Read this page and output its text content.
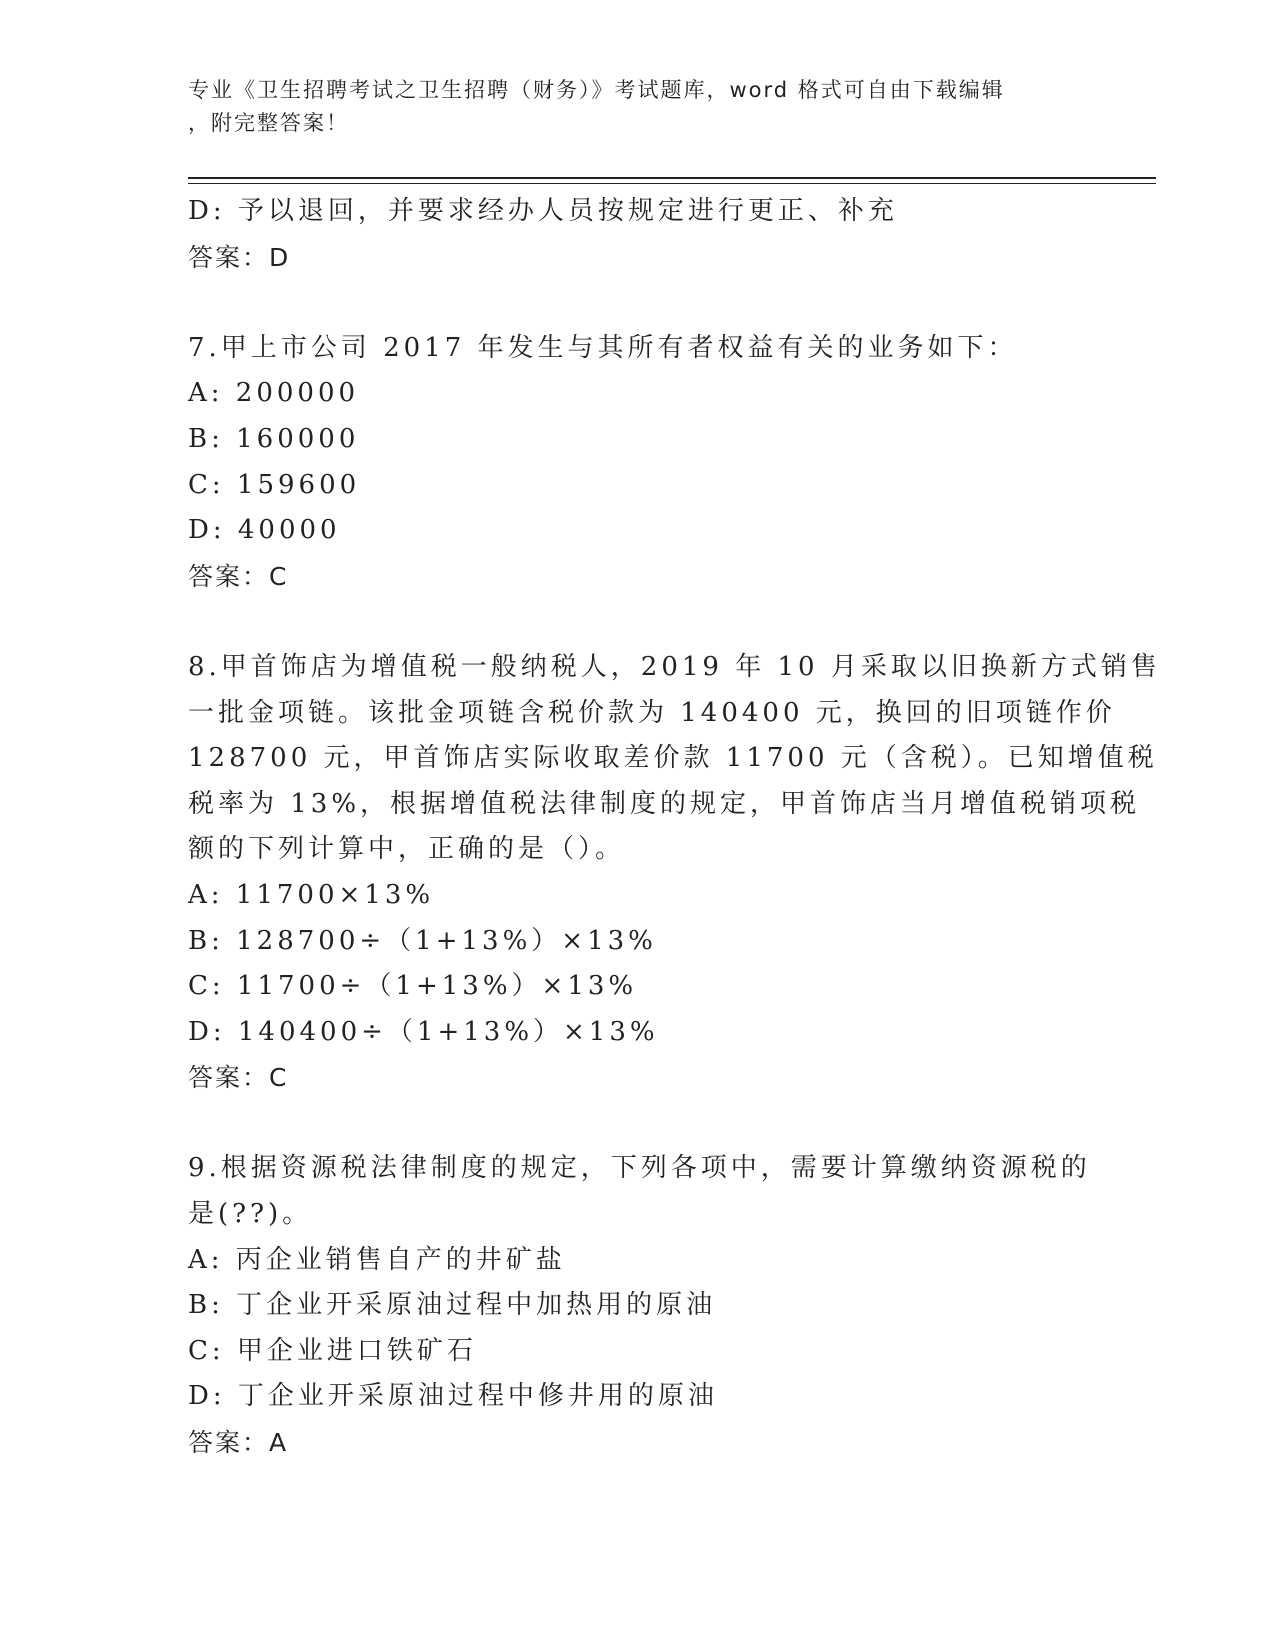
专业《卫生招聘考试之卫生招聘（财务）》考试题库，word 格式可自由下载编辑
，附完整答案！
D: 予以退回，并要求经办人员按规定进行更正、补充
答案：D
7.甲上市公司 2017 年发生与其所有者权益有关的业务如下：
A: 200000
B: 160000
C: 159600
D: 40000
答案：C
8.甲首饰店为增值税一般纳税人，2019 年 10 月采取以旧换新方式销售
一批金项链。该批金项链含税价款为 140400 元，换回的旧项链作价
128700 元，甲首饰店实际收取差价款 11700 元（含税）。已知增值税
税率为 13%，根据增值税法律制度的规定，甲首饰店当月增值税销项税
额的下列计算中，正确的是（）。
A: 11700×13%
B: 128700÷（1+13%）×13%
C: 11700÷（1+13%）×13%
D: 140400÷（1+13%）×13%
答案：C
9.根据资源税法律制度的规定，下列各项中，需要计算缴纳资源税的
是(??)。
A: 丙企业销售自产的井矿盐
B: 丁企业开采原油过程中加热用的原油
C: 甲企业进口铁矿石
D: 丁企业开采原油过程中修井用的原油
答案：A
